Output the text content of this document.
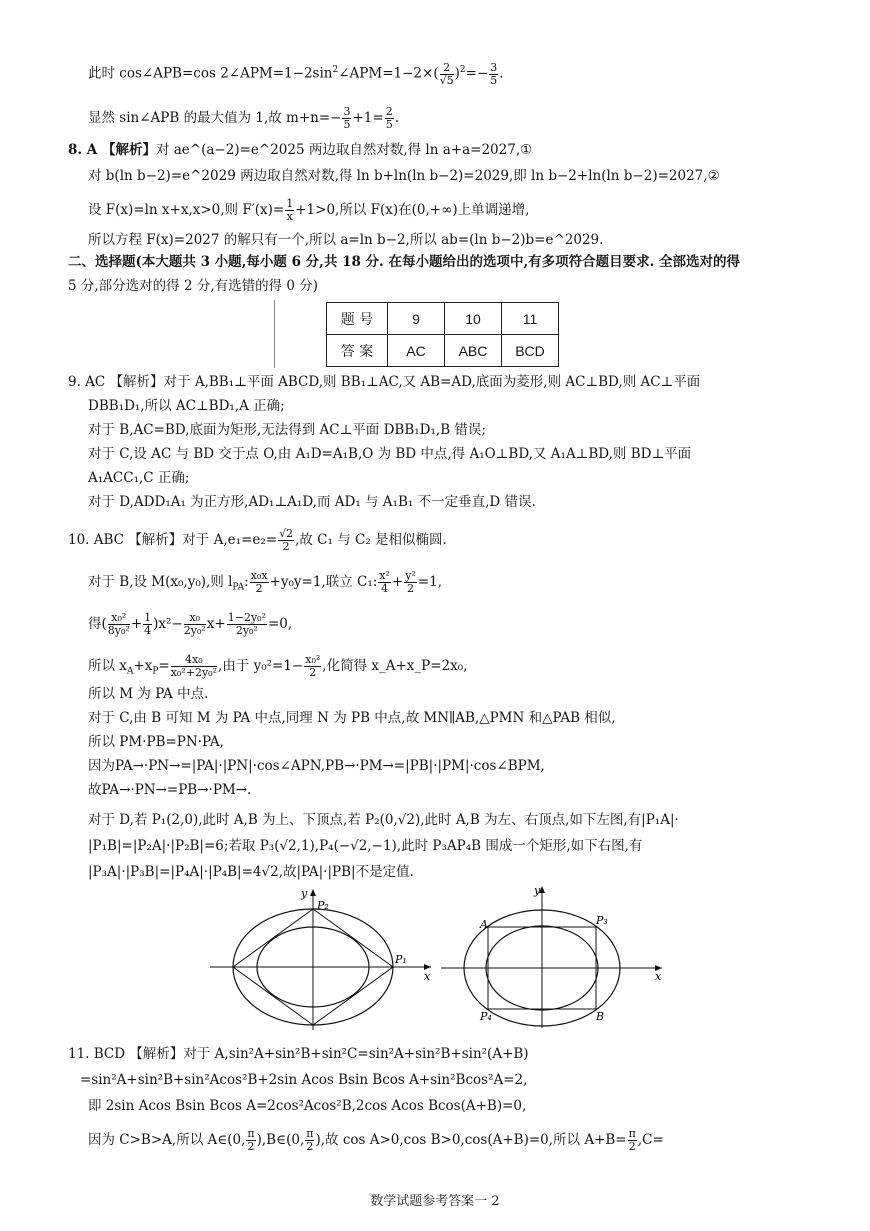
此时 cos∠APB=cos $2\angle APM=1-2\sin^2\angle APM=1-2\times( \frac{2}{√5} )^2=- \frac{3}{5}$ .
显然 sin∠APB 的最大值为 1,故 $m+n=- \frac{3}{5} +1= \frac{2}{5}$ .
8. A 【解析】对 ae^(a−2)=e^2025 两边取自然对数,得 ln a+a=2027,①
对 b(ln b−2)=e^2029 两边取自然对数,得 ln b+ln(ln b−2)=2029,即 ln b−2+ln(ln b−2)=2027,②
设 F(x)=ln x+x,x>0,则 $F'(x)= \frac{1}{x} +1>0$,所以 F(x)在(0,+∞)上单调递增,
所以方程 F(x)=2027 的解只有一个,所以 a=ln b−2,所以 ab=(ln b−2)b=e^2029.
二、选择题(本大题共 3 小题,每小题 6 分,共 18 分. 在每小题给出的选项中,有多项符合题目要求. 全部选对的得
5 分,部分选对的得 2 分,有选错的得 0 分)
题 号	9	10	11
答 案	AC	ABC	BCD
9. AC 【解析】对于 A,BB₁⊥平面 ABCD,则 BB₁⊥AC,又 AB=AD,底面为菱形,则 AC⊥BD,则 AC⊥平面
DBB₁D₁,所以 AC⊥BD₁,A 正确;
对于 B,AC=BD,底面为矩形,无法得到 AC⊥平面 DBB₁D₁,B 错误;
对于 C,设 AC 与 BD 交于点 O,由 A₁D=A₁B,O 为 BD 中点,得 A₁O⊥BD,又 A₁A⊥BD,则 BD⊥平面
A₁ACC₁,C 正确;
对于 D,ADD₁A₁ 为正方形,AD₁⊥A₁D,而 AD₁ 与 A₁B₁ 不一定垂直,D 错误.
10. ABC 【解析】对于 $A,e_1=e_2= \frac{√2}{2}$ ,故 C₁ 与 C₂ 是相似椭圆.
对于 B,设 M(x₀,y₀),则 $l_{PA}$: $\frac{\text{x₀x}}{2} +y_0y=1$,联立 C₁: $\frac{\text{x²}}{4} + \frac{\text{y²}}{2} =1$,
得( $\frac{\text{x₀²}}{\text{8y₀²}} + \frac{1}{4} )x^2- \frac{\text{x₀}}{\text{2y₀²}} x+ \frac{\text{1−2y₀²}}{\text{2y₀²}} =0$,
所以 $x_A+x_P= \frac{\text{4x₀}}{\text{x₀²+2y₀²}}$ ,由于 $y_0^2=1- \frac{\text{x₀²}}{2}$ ,化简得 x_A+x_P=2x₀,
所以 M 为 PA 中点.
对于 C,由 B 可知 M 为 PA 中点,同理 N 为 PB 中点,故 MN∥AB,△PMN 和△PAB 相似,
所以 PM·PB=PN·PA,
因为PA→·PN→=|PA|·|PN|·cos∠APN,PB→·PM→=|PB|·|PM|·cos∠BPM,
故PA→·PN→=PB→·PM→.
对于 D,若 P₁(2,0),此时 A,B 为上、下顶点,若 P₂(0,√2),此时 A,B 为左、右顶点,如下左图,有|P₁A|·
|P₁B|=|P₂A|·|P₂B|=6;若取 P₃(√2,1),P₄(−√2,−1),此时 P₃AP₄B 围成一个矩形,如下右图,有
|P₃A|·|P₃B|=|P₄A|·|P₄B|=4√2,故|PA|·|PB|不是定值.
y
x
P₂
P₁
y
x
A	P₃
P₄	B
11. BCD 【解析】对于 A,sin²A+sin²B+sin²C=sin²A+sin²B+sin²(A+B)
=sin²A+sin²B+sin²Acos²B+2sin Acos Bsin Bcos A+sin²Bcos²A=2,
即 2sin Acos Bsin Bcos A=2cos²Acos²B,2cos Acos Bcos(A+B)=0,
因为 C>B>A,所以 A∈(0, $\frac{\pi}{2}$ ),B∈(0, $\frac{\pi}{2}$ ),故 cos A>0,cos B>0,cos(A+B)=0,所以 $A+B= \frac{\pi}{2} ,C=$
数学试题参考答案一 2
